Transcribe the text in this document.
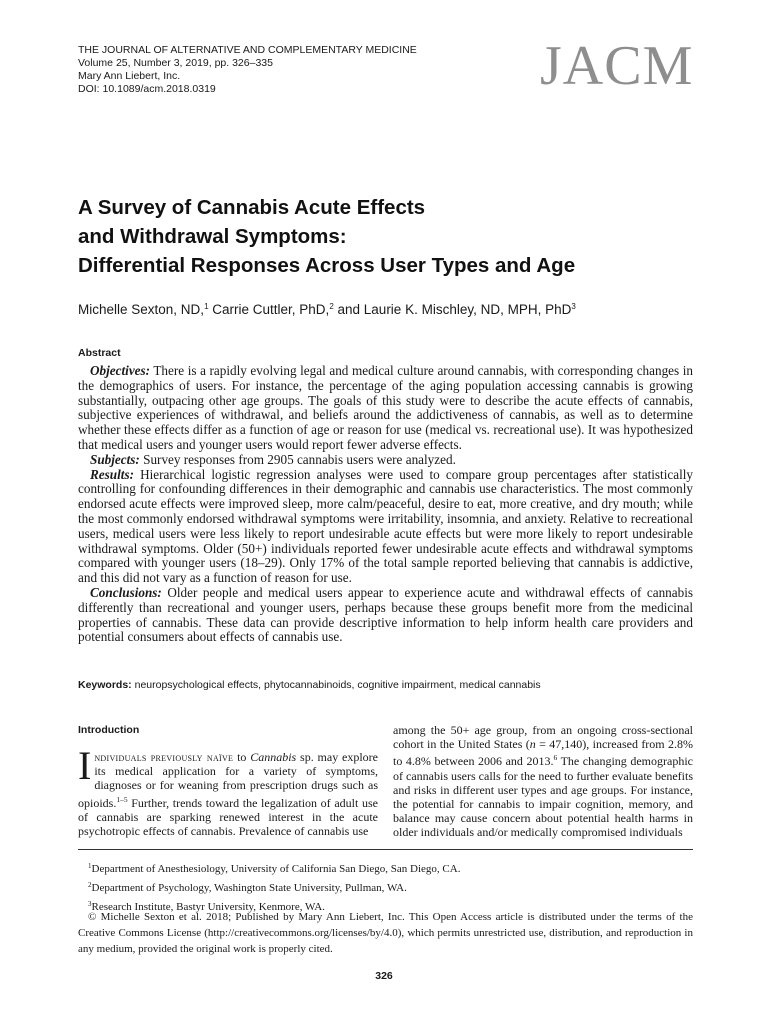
THE JOURNAL OF ALTERNATIVE AND COMPLEMENTARY MEDICINE
Volume 25, Number 3, 2019, pp. 326–335
Mary Ann Liebert, Inc.
DOI: 10.1089/acm.2018.0319	JACM
A Survey of Cannabis Acute Effects
and Withdrawal Symptoms:
Differential Responses Across User Types and Age
Michelle Sexton, ND,$^1$ Carrie Cuttler, PhD,$^2$ and Laurie K. Mischley, ND, MPH, PhD$^3$
Abstract

Objectives: There is a rapidly evolving legal and medical culture around cannabis, with corresponding changes in the demographics of users. For instance, the percentage of the aging population accessing cannabis is growing substantially, outpacing other age groups. The goals of this study were to describe the acute effects of cannabis, subjective experiences of withdrawal, and beliefs around the addictiveness of cannabis, as well as to determine whether these effects differ as a function of age or reason for use (medical vs. recreational use). It was hypothesized that medical users and younger users would report fewer adverse effects.

Subjects: Survey responses from 2905 cannabis users were analyzed.

Results: Hierarchical logistic regression analyses were used to compare group percentages after statistically controlling for confounding differences in their demographic and cannabis use characteristics. The most commonly endorsed acute effects were improved sleep, more calm/peaceful, desire to eat, more creative, and dry mouth; while the most commonly endorsed withdrawal symptoms were irritability, insomnia, and anxiety. Relative to recreational users, medical users were less likely to report undesirable acute effects but were more likely to report undesirable withdrawal symptoms. Older (50+) individuals reported fewer undesirable acute effects and withdrawal symptoms compared with younger users (18–29). Only 17% of the total sample reported believing that cannabis is addictive, and this did not vary as a function of reason for use.

Conclusions: Older people and medical users appear to experience acute and withdrawal effects of cannabis differently than recreational and younger users, perhaps because these groups benefit more from the medicinal properties of cannabis. These data can provide descriptive information to help inform health care providers and potential consumers about effects of cannabis use.

Keywords: neuropsychological effects, phytocannabinoids, cognitive impairment, medical cannabis
Introduction

Individuals previously naïve to Cannabis sp. may explore its medical application for a variety of symptoms, diagnoses or for weaning from prescription drugs such as opioids.$^{1-5}$ Further, trends toward the legalization of adult use of cannabis are sparking renewed interest in the acute psychotropic effects of cannabis. Prevalence of cannabis use

among the 50+ age group, from an ongoing cross-sectional cohort in the United States (n = 47,140), increased from 2.8% to 4.8% between 2006 and 2013.$^6$ The changing demographic of cannabis users calls for the need to further evaluate benefits and risks in different user types and age groups. For instance, the potential for cannabis to impair cognition, memory, and balance may cause concern about potential health harms in older individuals and/or medically compromised individuals

$^1$Department of Anesthesiology, University of California San Diego, San Diego, CA.
$^2$Department of Psychology, Washington State University, Pullman, WA.
$^3$Research Institute, Bastyr University, Kenmore, WA.
© Michelle Sexton et al. 2018; Published by Mary Ann Liebert, Inc. This Open Access article is distributed under the terms of the Creative Commons License (http://creativecommons.org/licenses/by/4.0), which permits unrestricted use, distribution, and reproduction in any medium, provided the original work is properly cited.
326
